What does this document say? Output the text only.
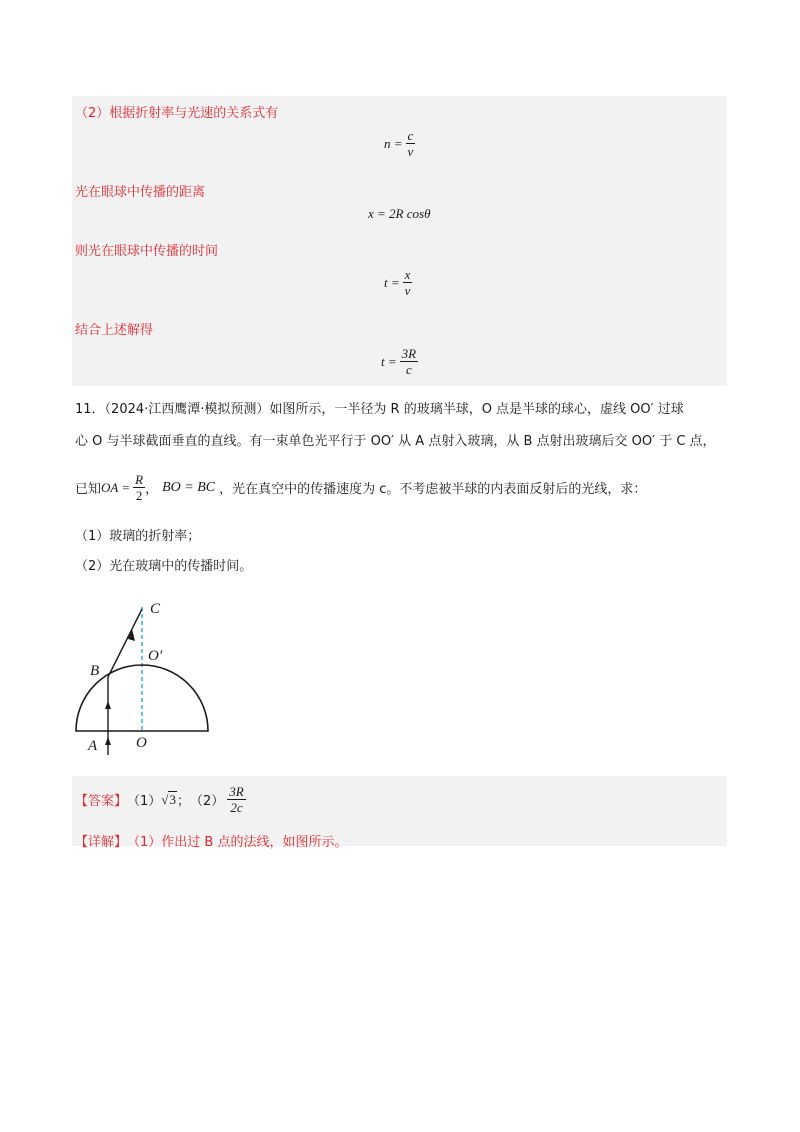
（2）根据折射率与光速的关系式有
$n = \frac{c}{v}$
光在眼球中传播的距离
x = 2R cosθ
则光在眼球中传播的时间
$t = \frac{x}{v}$
结合上述解得
$t = \frac{3R}{c}$
11．（2024·江西鹰潭·模拟预测）如图所示，一半径为 R 的玻璃半球，O 点是半球的球心，虚线 OO′ 过球
心 O 与半球截面垂直的直线。有一束单色光平行于 OO′ 从 A 点射入玻璃，从 B 点射出玻璃后交 OO′ 于 C 点，
已知 OA = $\frac{R}{2}$ ， BO = BC ，光在真空中的传播速度为 c。不考虑被半球的内表面反射后的光线，求：
（1）玻璃的折射率；
（2）光在玻璃中的传播时间。
C
O′
B
A	O
【答案】 （1） √3 ； $(2) \frac{3R}{2c}$
【详解】 （1）作出过 B 点的法线，如图所示。
